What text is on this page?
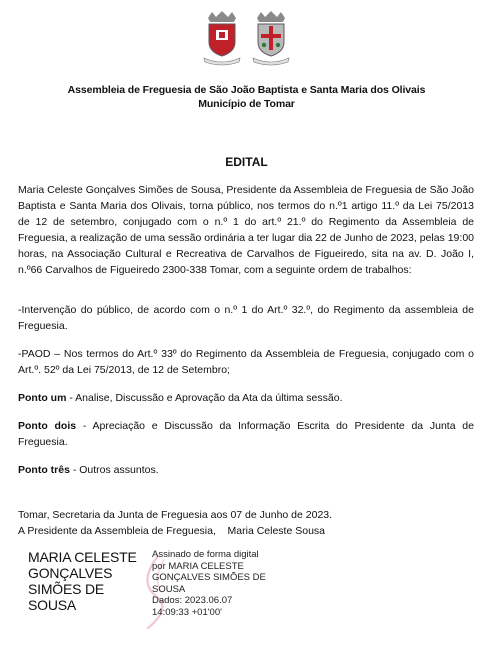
Assembleia de Freguesia de São João Baptista e Santa Maria dos Olivais
Município de Tomar
EDITAL
Maria Celeste Gonçalves Simões de Sousa, Presidente da Assembleia de Freguesia de São João Baptista e Santa Maria dos Olivais, torna público, nos termos do n.º1 artigo 11.º da Lei 75/2013 de 12 de setembro, conjugado com o n.º 1 do art.º 21.º do Regimento da Assembleia de Freguesia, a realização de uma sessão ordinária a ter lugar dia 22 de Junho de 2023, pelas 19:00 horas, na Associação Cultural e Recreativa de Carvalhos de Figueiredo, sita na av. D. João I, n.º66 Carvalhos de Figueiredo 2300-338 Tomar, com a seguinte ordem de trabalhos:
-Intervenção do público, de acordo com o n.º 1 do Art.º 32.º, do Regimento da assembleia de Freguesia.
-PAOD – Nos termos do Art.º 33º do Regimento da Assembleia de Freguesia, conjugado com o Art.º. 52º da Lei 75/2013, de 12 de Setembro;
Ponto um - Analise, Discussão e Aprovação da Ata da última sessão.
Ponto dois - Apreciação e Discussão da Informação Escrita do Presidente da Junta de Freguesia.
Ponto três - Outros assuntos.
Tomar, Secretaria da Junta de Freguesia aos 07 de Junho de 2023.
A Presidente da Assembleia de Freguesia,    Maria Celeste Sousa
MARIA CELESTE
GONÇALVES
SIMÕES DE
SOUSA
Assinado de forma digital
por MARIA CELESTE
GONÇALVES SIMÕES DE
SOUSA
Dados: 2023.06.07
14:09:33 +01'00'
